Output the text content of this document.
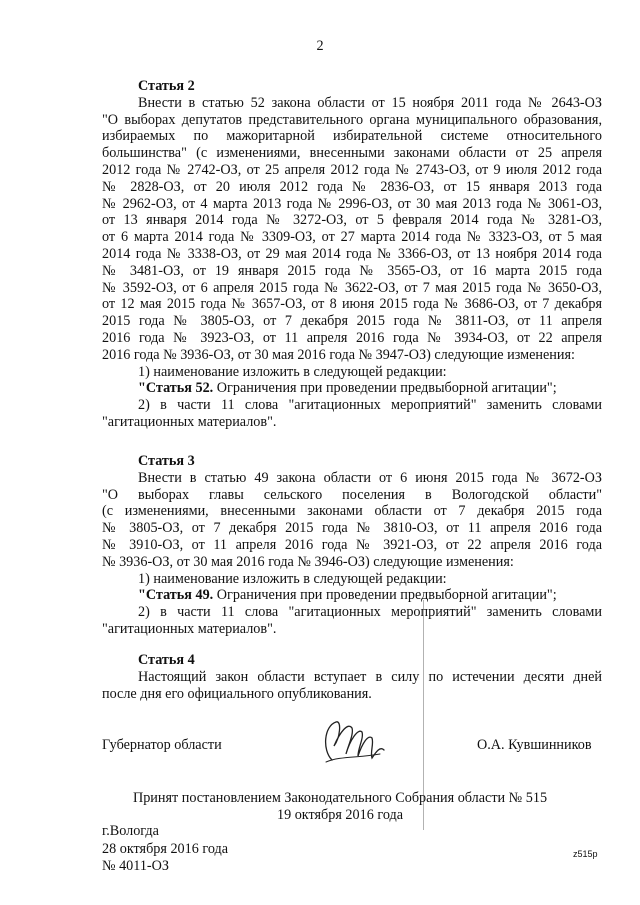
2
Статья 2
Внести в статью 52 закона области от 15 ноября 2011 года № 2643-ОЗ
"О выборах депутатов представительного органа муниципального образования,
избираемых по мажоритарной избирательной системе относительного
большинства" (с изменениями, внесенными законами области от 25 апреля
2012 года № 2742-ОЗ, от 25 апреля 2012 года № 2743-ОЗ, от 9 июля 2012 года
№ 2828-ОЗ, от 20 июля 2012 года № 2836-ОЗ, от 15 января 2013 года
№ 2962-ОЗ, от 4 марта 2013 года № 2996-ОЗ, от 30 мая 2013 года № 3061-ОЗ,
от 13 января 2014 года № 3272-ОЗ, от 5 февраля 2014 года № 3281-ОЗ,
от 6 марта 2014 года № 3309-ОЗ, от 27 марта 2014 года № 3323-ОЗ, от 5 мая
2014 года № 3338-ОЗ, от 29 мая 2014 года № 3366-ОЗ, от 13 ноября 2014 года
№ 3481-ОЗ, от 19 января 2015 года № 3565-ОЗ, от 16 марта 2015 года
№ 3592-ОЗ, от 6 апреля 2015 года № 3622-ОЗ, от 7 мая 2015 года № 3650-ОЗ,
от 12 мая 2015 года № 3657-ОЗ, от 8 июня 2015 года № 3686-ОЗ, от 7 декабря
2015 года № 3805-ОЗ, от 7 декабря 2015 года № 3811-ОЗ, от 11 апреля
2016 года № 3923-ОЗ, от 11 апреля 2016 года № 3934-ОЗ, от 22 апреля
2016 года № 3936-ОЗ, от 30 мая 2016 года № 3947-ОЗ) следующие изменения:
1) наименование изложить в следующей редакции:
"Статья 52. Ограничения при проведении предвыборной агитации";
2) в части 11 слова "агитационных мероприятий" заменить словами
"агитационных материалов".
Статья 3
Внести в статью 49 закона области от 6 июня 2015 года № 3672-ОЗ
"О выборах главы сельского поселения в Вологодской области"
(с изменениями, внесенными законами области от 7 декабря 2015 года
№ 3805-ОЗ, от 7 декабря 2015 года № 3810-ОЗ, от 11 апреля 2016 года
№ 3910-ОЗ, от 11 апреля 2016 года № 3921-ОЗ, от 22 апреля 2016 года
№ 3936-ОЗ, от 30 мая 2016 года № 3946-ОЗ) следующие изменения:
1) наименование изложить в следующей редакции:
"Статья 49. Ограничения при проведении предвыборной агитации";
2) в части 11 слова "агитационных мероприятий" заменить словами
"агитационных материалов".
Статья 4
Настоящий закон области вступает в силу по истечении десяти дней
после дня его официального опубликования.
Губернатор области	О.А. Кувшинников
Принят постановлением Законодательного Собрания области № 515
19 октября 2016 года
г.Вологда
28 октября 2016 года
№ 4011-ОЗ
z515p
